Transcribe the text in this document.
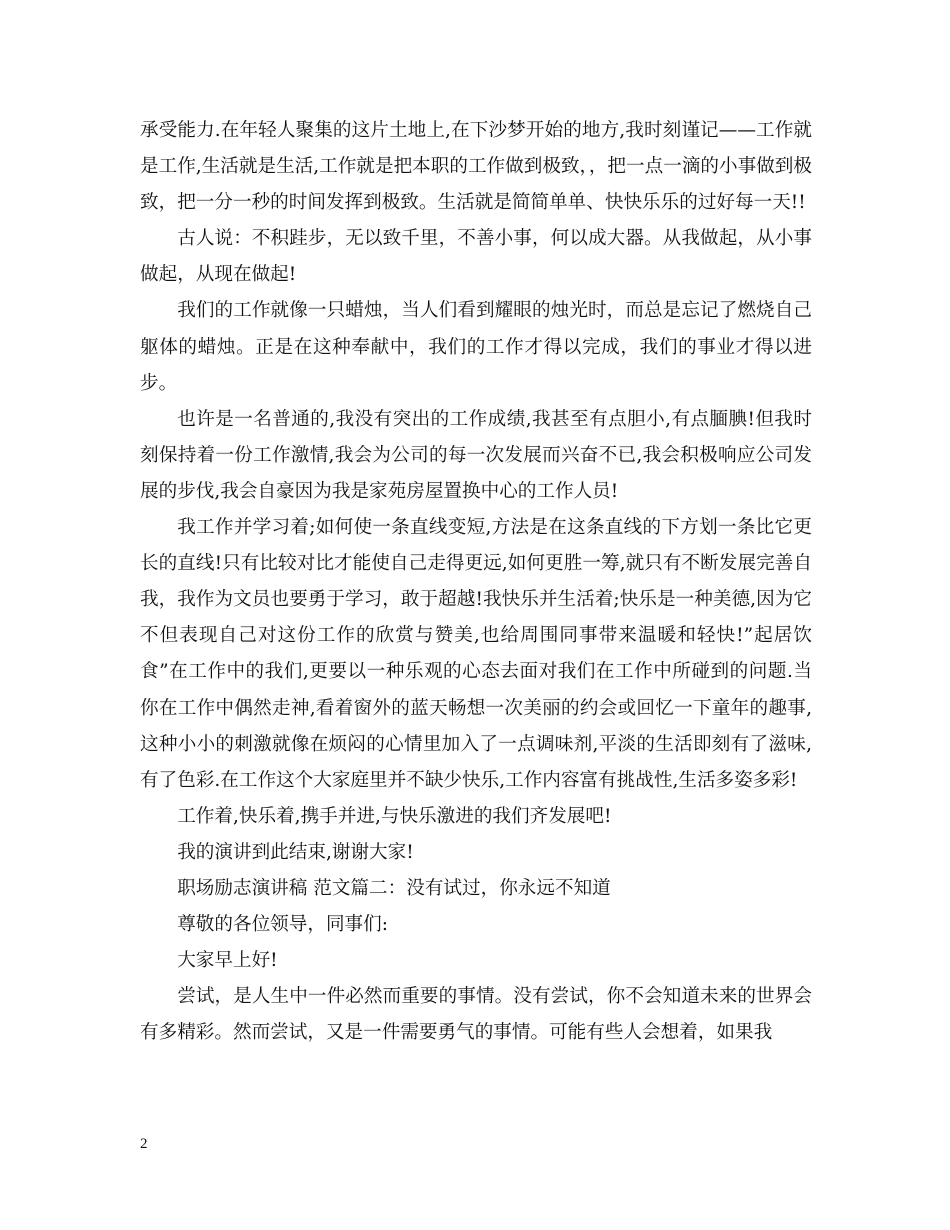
承受能力.在年轻人聚集的这片土地上,在下沙梦开始的地方,我时刻谨记——工作就是工作,生活就是生活,工作就是把本职的工作做到极致，，把一点一滴的小事做到极致，把一分一秒的时间发挥到极致。生活就是简简单单、快快乐乐的过好每一天!!

古人说：不积跬步，无以致千里，不善小事，何以成大器。从我做起，从小事做起，从现在做起!

我们的工作就像一只蜡烛，当人们看到耀眼的烛光时，而总是忘记了燃烧自己躯体的蜡烛。正是在这种奉献中，我们的工作才得以完成，我们的事业才得以进步。

也许是一名普通的,我没有突出的工作成绩,我甚至有点胆小,有点腼腆!但我时刻保持着一份工作激情,我会为公司的每一次发展而兴奋不已,我会积极响应公司发展的步伐,我会自豪因为我是家苑房屋置换中心的工作人员!

我工作并学习着;如何使一条直线变短,方法是在这条直线的下方划一条比它更长的直线!只有比较对比才能使自己走得更远,如何更胜一筹,就只有不断发展完善自我，我作为文员也要勇于学习，敢于超越!我快乐并生活着;快乐是一种美德,因为它不但表现自己对这份工作的欣赏与赞美,也给周围同事带来温暖和轻快!”起居饮食”在工作中的我们,更要以一种乐观的心态去面对我们在工作中所碰到的问题.当你在工作中偶然走神,看着窗外的蓝天畅想一次美丽的约会或回忆一下童年的趣事,这种小小的刺激就像在烦闷的心情里加入了一点调味剂,平淡的生活即刻有了滋味,有了色彩.在工作这个大家庭里并不缺少快乐,工作内容富有挑战性,生活多姿多彩!

工作着,快乐着,携手并进,与快乐激进的我们齐发展吧!

我的演讲到此结束,谢谢大家!

职场励志演讲稿 范文篇二：没有试过，你永远不知道

尊敬的各位领导，同事们:

大家早上好!

尝试，是人生中一件必然而重要的事情。没有尝试，你不会知道未来的世界会有多精彩。然而尝试，又是一件需要勇气的事情。可能有些人会想着，如果我

2
